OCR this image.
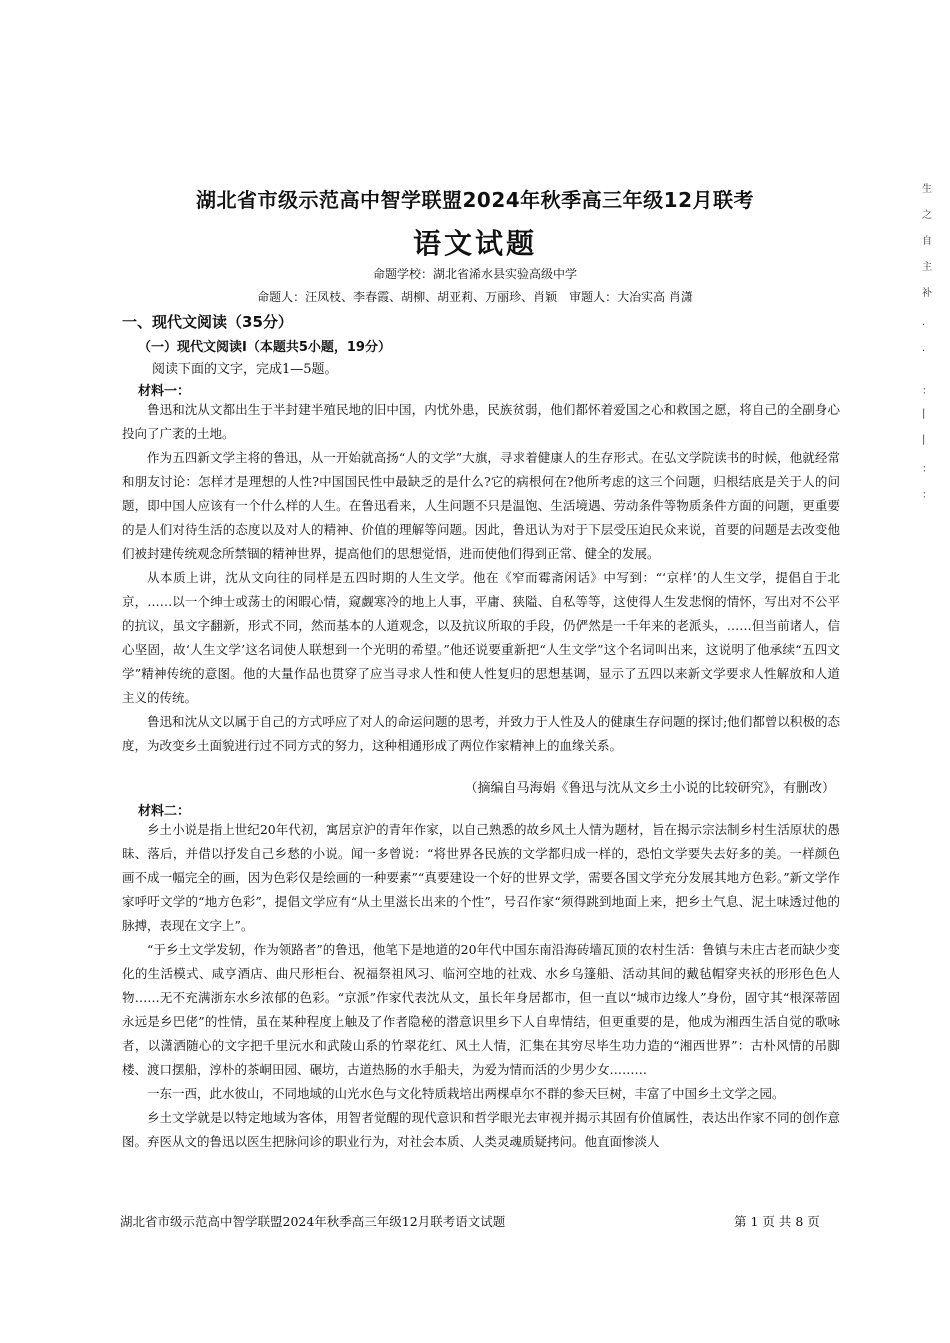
湖北省市级示范高中智学联盟2024年秋季高三年级12月联考
语文试题
命题学校：湖北省浠水县实验高级中学
命题人：汪凤枝、李春霞、胡柳、胡亚莉、万丽珍、肖颖　审题人：大冶实高 肖潇
一、现代文阅读（35分）
（一）现代文阅读Ⅰ（本题共5小题，19分）
阅读下面的文字，完成1—5题。
材料一：

鲁迅和沈从文都出生于半封建半殖民地的旧中国，内忧外患，民族贫弱，他们都怀着爱国之心和救国之愿，将自己的全副身心投向了广袤的土地。

作为五四新文学主将的鲁迅，从一开始就高扬“人的文学”大旗，寻求着健康人的生存形式。在弘文学院读书的时候，他就经常和朋友讨论：怎样才是理想的人性?中国国民性中最缺乏的是什么?它的病根何在?他所考虑的这三个问题，归根结底是关于人的问题，即中国人应该有一个什么样的人生。在鲁迅看来，人生问题不只是温饱、生活境遇、劳动条件等物质条件方面的问题，更重要的是人们对待生活的态度以及对人的精神、价值的理解等问题。因此，鲁迅认为对于下层受压迫民众来说，首要的问题是去改变他们被封建传统观念所禁锢的精神世界，提高他们的思想觉悟，进而使他们得到正常、健全的发展。

从本质上讲，沈从文向往的同样是五四时期的人生文学。他在《窄而霉斋闲话》中写到：“‘京样’的人生文学，提倡自于北京，……以一个绅士或荡士的闲暇心情，窥觑寒冷的地上人事，平庸、狭隘、自私等等，这使得人生发悲悯的情怀，写出对不公平的抗议，虽文字翻新，形式不同，然而基本的人道观念，以及抗议所取的手段，仍俨然是一千年来的老派头，……但当前诸人，信心坚固，故‘人生文学’这名词使人联想到一个光明的希望。”他还说要重新把“人生文学”这个名词叫出来，这说明了他承续“五四文学”精神传统的意图。他的大量作品也贯穿了应当寻求人性和使人性复归的思想基调，显示了五四以来新文学要求人性解放和人道主义的传统。

鲁迅和沈从文以属于自己的方式呼应了对人的命运问题的思考，并致力于人性及人的健康生存问题的探讨;他们都曾以积极的态度，为改变乡土面貌进行过不同方式的努力，这种相通形成了两位作家精神上的血缘关系。

（摘编自马海娟《鲁迅与沈从文乡土小说的比较研究》，有删改）
材料二：

乡土小说是指上世纪20年代初，寓居京沪的青年作家，以自己熟悉的故乡风土人情为题材，旨在揭示宗法制乡村生活原状的愚昧、落后，并借以抒发自己乡愁的小说。闻一多曾说：“将世界各民族的文学都归成一样的，恐怕文学要失去好多的美。一样颜色画不成一幅完全的画，因为色彩仅是绘画的一种要素”“真要建设一个好的世界文学，需要各国文学充分发展其地方色彩。”新文学作家呼吁文学的“地方色彩”，提倡文学应有“从土里滋长出来的个性”，号召作家“须得跳到地面上来，把乡土气息、泥土味透过他的脉搏，表现在文字上”。

“于乡土文学发轫，作为领路者”的鲁迅，他笔下是地道的20年代中国东南沿海砖墙瓦顶的农村生活：鲁镇与未庄古老而缺少变化的生活模式、咸亨酒店、曲尺形柜台、祝福祭祖风习、临河空地的社戏、水乡乌篷船、活动其间的戴毡帽穿夹袄的形形色色人物……无不充满浙东水乡浓郁的色彩。“京派”作家代表沈从文，虽长年身居都市，但一直以“城市边缘人”身份，固守其“根深蒂固永远是乡巴佬”的性情，虽在某种程度上触及了作者隐秘的潜意识里乡下人自卑情结，但更重要的是，他成为湘西生活自觉的歌咏者，以潇洒随心的文字把千里沅水和武陵山系的竹翠花红、风土人情，汇集在其穷尽毕生功力造的“湘西世界”：古朴风情的吊脚楼、渡口摆船，淳朴的茶峒田园、碾坊，古道热肠的水手船夫，为爱为情而活的少男少女………

一东一西，此水彼山，不同地域的山光水色与文化特质栽培出两棵卓尔不群的参天巨树，丰富了中国乡土文学之园。

乡土文学就是以特定地域为客体，用智者觉醒的现代意识和哲学眼光去审视并揭示其固有价值属性，表达出作家不同的创作意图。弃医从文的鲁迅以医生把脉问诊的职业行为，对社会本质、人类灵魂质疑拷问。他直面惨淡人

湖北省市级示范高中智学联盟2024年秋季高三年级12月联考语文试题	第 1 页 共 8 页
生
之
自
主
补
·
·
：
|
|
：
：
